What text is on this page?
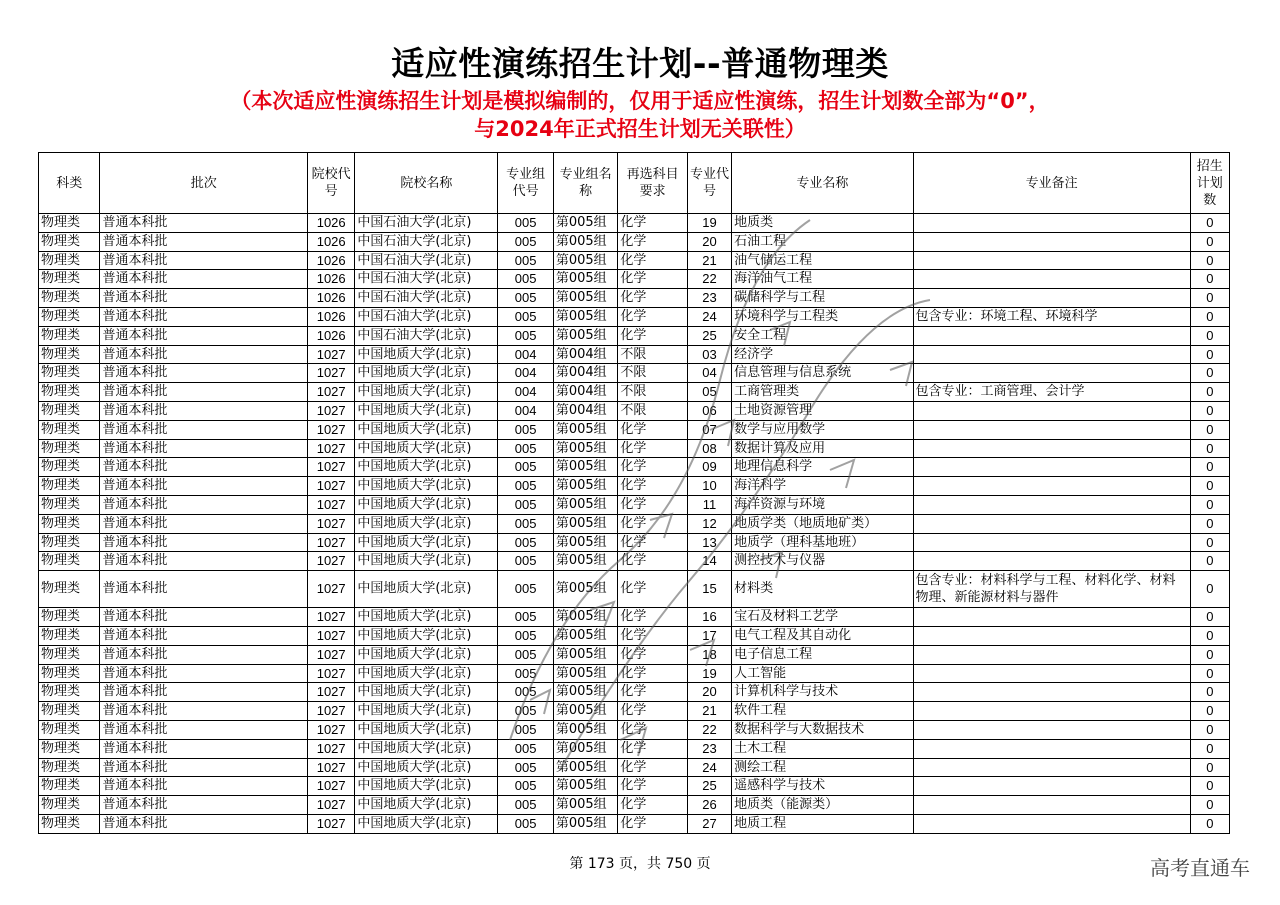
适应性演练招生计划--普通物理类
（本次适应性演练招生计划是模拟编制的，仅用于适应性演练，招生计划数全部为“0”，
与2024年正式招生计划无关联性）
科类	批次	院校代号	院校名称	专业组代号	专业组名称	再选科目要求	专业代号	专业名称	专业备注	招生计划数
物理类	普通本科批	1026	中国石油大学(北京)	005	第005组	化学	19	地质类		0
物理类	普通本科批	1026	中国石油大学(北京)	005	第005组	化学	20	石油工程		0
物理类	普通本科批	1026	中国石油大学(北京)	005	第005组	化学	21	油气储运工程		0
物理类	普通本科批	1026	中国石油大学(北京)	005	第005组	化学	22	海洋油气工程		0
物理类	普通本科批	1026	中国石油大学(北京)	005	第005组	化学	23	碳储科学与工程		0
物理类	普通本科批	1026	中国石油大学(北京)	005	第005组	化学	24	环境科学与工程类	包含专业：环境工程、环境科学	0
物理类	普通本科批	1026	中国石油大学(北京)	005	第005组	化学	25	安全工程		0
物理类	普通本科批	1027	中国地质大学(北京)	004	第004组	不限	03	经济学		0
物理类	普通本科批	1027	中国地质大学(北京)	004	第004组	不限	04	信息管理与信息系统		0
物理类	普通本科批	1027	中国地质大学(北京)	004	第004组	不限	05	工商管理类	包含专业：工商管理、会计学	0
物理类	普通本科批	1027	中国地质大学(北京)	004	第004组	不限	06	土地资源管理		0
物理类	普通本科批	1027	中国地质大学(北京)	005	第005组	化学	07	数学与应用数学		0
物理类	普通本科批	1027	中国地质大学(北京)	005	第005组	化学	08	数据计算及应用		0
物理类	普通本科批	1027	中国地质大学(北京)	005	第005组	化学	09	地理信息科学		0
物理类	普通本科批	1027	中国地质大学(北京)	005	第005组	化学	10	海洋科学		0
物理类	普通本科批	1027	中国地质大学(北京)	005	第005组	化学	11	海洋资源与环境		0
物理类	普通本科批	1027	中国地质大学(北京)	005	第005组	化学	12	地质学类（地质地矿类）		0
物理类	普通本科批	1027	中国地质大学(北京)	005	第005组	化学	13	地质学（理科基地班）		0
物理类	普通本科批	1027	中国地质大学(北京)	005	第005组	化学	14	测控技术与仪器		0
物理类	普通本科批	1027	中国地质大学(北京)	005	第005组	化学	15	材料类	包含专业：材料科学与工程、材料化学、材料物理、新能源材料与器件	0
物理类	普通本科批	1027	中国地质大学(北京)	005	第005组	化学	16	宝石及材料工艺学		0
物理类	普通本科批	1027	中国地质大学(北京)	005	第005组	化学	17	电气工程及其自动化		0
物理类	普通本科批	1027	中国地质大学(北京)	005	第005组	化学	18	电子信息工程		0
物理类	普通本科批	1027	中国地质大学(北京)	005	第005组	化学	19	人工智能		0
物理类	普通本科批	1027	中国地质大学(北京)	005	第005组	化学	20	计算机科学与技术		0
物理类	普通本科批	1027	中国地质大学(北京)	005	第005组	化学	21	软件工程		0
物理类	普通本科批	1027	中国地质大学(北京)	005	第005组	化学	22	数据科学与大数据技术		0
物理类	普通本科批	1027	中国地质大学(北京)	005	第005组	化学	23	土木工程		0
物理类	普通本科批	1027	中国地质大学(北京)	005	第005组	化学	24	测绘工程		0
物理类	普通本科批	1027	中国地质大学(北京)	005	第005组	化学	25	遥感科学与技术		0
物理类	普通本科批	1027	中国地质大学(北京)	005	第005组	化学	26	地质类（能源类）		0
物理类	普通本科批	1027	中国地质大学(北京)	005	第005组	化学	27	地质工程		0
第 173 页，共 750 页	高考直通车
